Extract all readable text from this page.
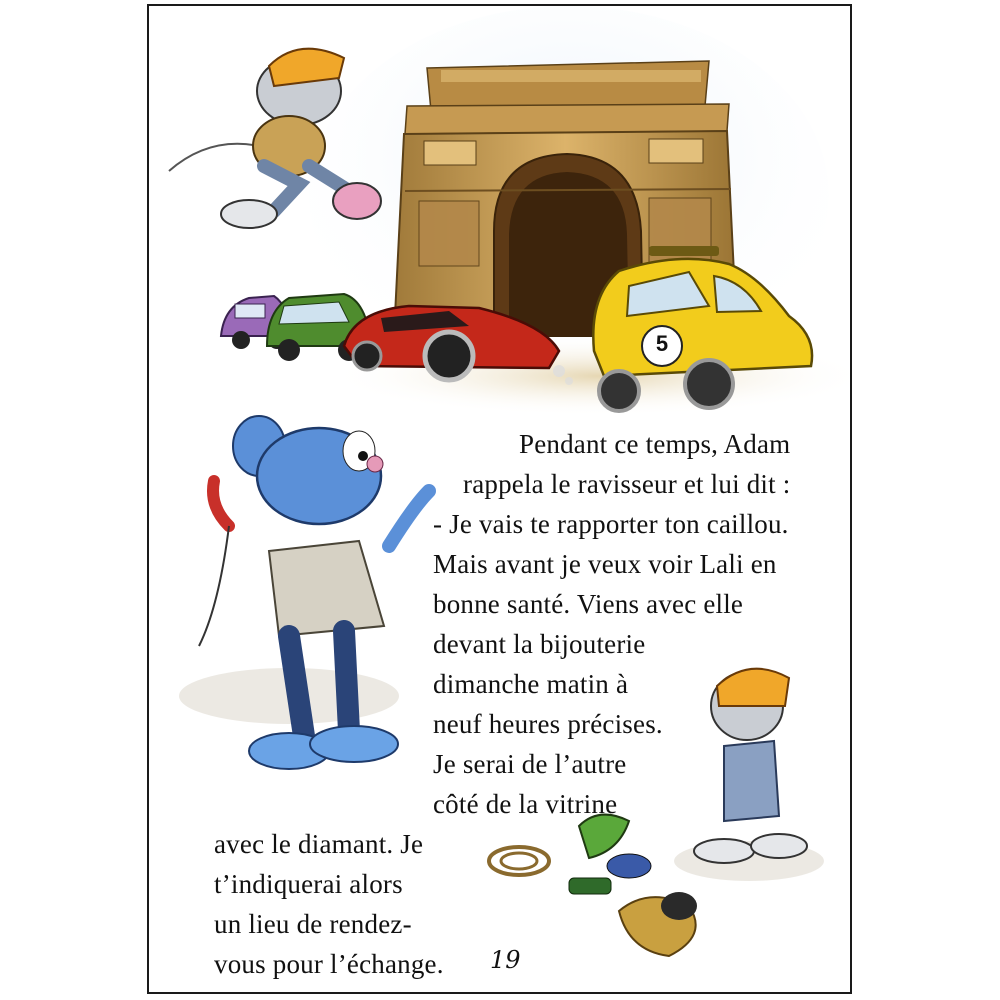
Pendant ce temps, Adam
rappela le ravisseur et lui dit :
- Je vais te rapporter ton caillou.
Mais avant je veux voir Lali en
bonne santé. Viens avec elle
devant la bijouterie
dimanche matin à
neuf heures précises.
Je serai de l’autre
côté de la vitrine
avec le diamant. Je
t’indiquerai alors
un lieu de rendez-
vous pour l’échange.
5
19
